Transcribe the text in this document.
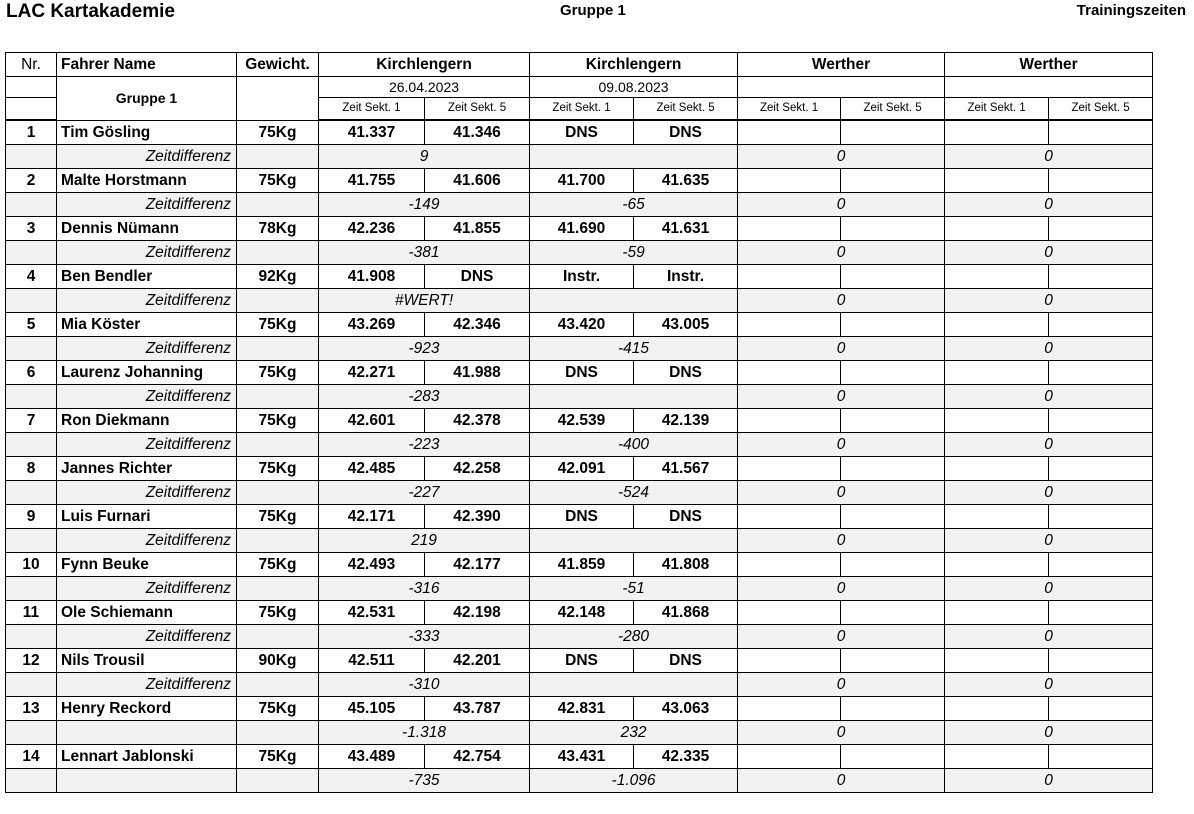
LAC Kartakademie	Gruppe 1	Trainingszeiten
Nr.	Fahrer Name	Gewicht.	Kirchlengern		Kirchlengern		Werther		Werther	
	Gruppe 1		26.04.2023		09.08.2023					
			Zeit Sekt. 1	Zeit Sekt. 5	Zeit Sekt. 1	Zeit Sekt. 5	Zeit Sekt. 1	Zeit Sekt. 5	Zeit Sekt. 1	Zeit Sekt. 5
1	Tim Gösling	75Kg	41.337	41.346	DNS	DNS				
	Zeitdifferenz		9				0		0	
2	Malte Horstmann	75Kg	41.755	41.606	41.700	41.635				
	Zeitdifferenz		-149		-65		0		0	
3	Dennis Nümann	78Kg	42.236	41.855	41.690	41.631				
	Zeitdifferenz		-381		-59		0		0	
4	Ben Bendler	92Kg	41.908	DNS	Instr.	Instr.				
	Zeitdifferenz		#WERT!				0		0	
5	Mia Köster	75Kg	43.269	42.346	43.420	43.005				
	Zeitdifferenz		-923		-415		0		0	
6	Laurenz Johanning	75Kg	42.271	41.988	DNS	DNS				
	Zeitdifferenz		-283				0		0	
7	Ron Diekmann	75Kg	42.601	42.378	42.539	42.139				
	Zeitdifferenz		-223		-400		0		0	
8	Jannes Richter	75Kg	42.485	42.258	42.091	41.567				
	Zeitdifferenz		-227		-524		0		0	
9	Luis Furnari	75Kg	42.171	42.390	DNS	DNS				
	Zeitdifferenz		219				0		0	
10	Fynn Beuke	75Kg	42.493	42.177	41.859	41.808				
	Zeitdifferenz		-316		-51		0		0	
11	Ole Schiemann	75Kg	42.531	42.198	42.148	41.868				
	Zeitdifferenz		-333		-280		0		0	
12	Nils Trousil	90Kg	42.511	42.201	DNS	DNS				
	Zeitdifferenz		-310				0		0	
13	Henry Reckord	75Kg	45.105	43.787	42.831	43.063				
			-1.318		232		0		0	
14	Lennart Jablonski	75Kg	43.489	42.754	43.431	42.335				
			-735		-1.096		0		0	
